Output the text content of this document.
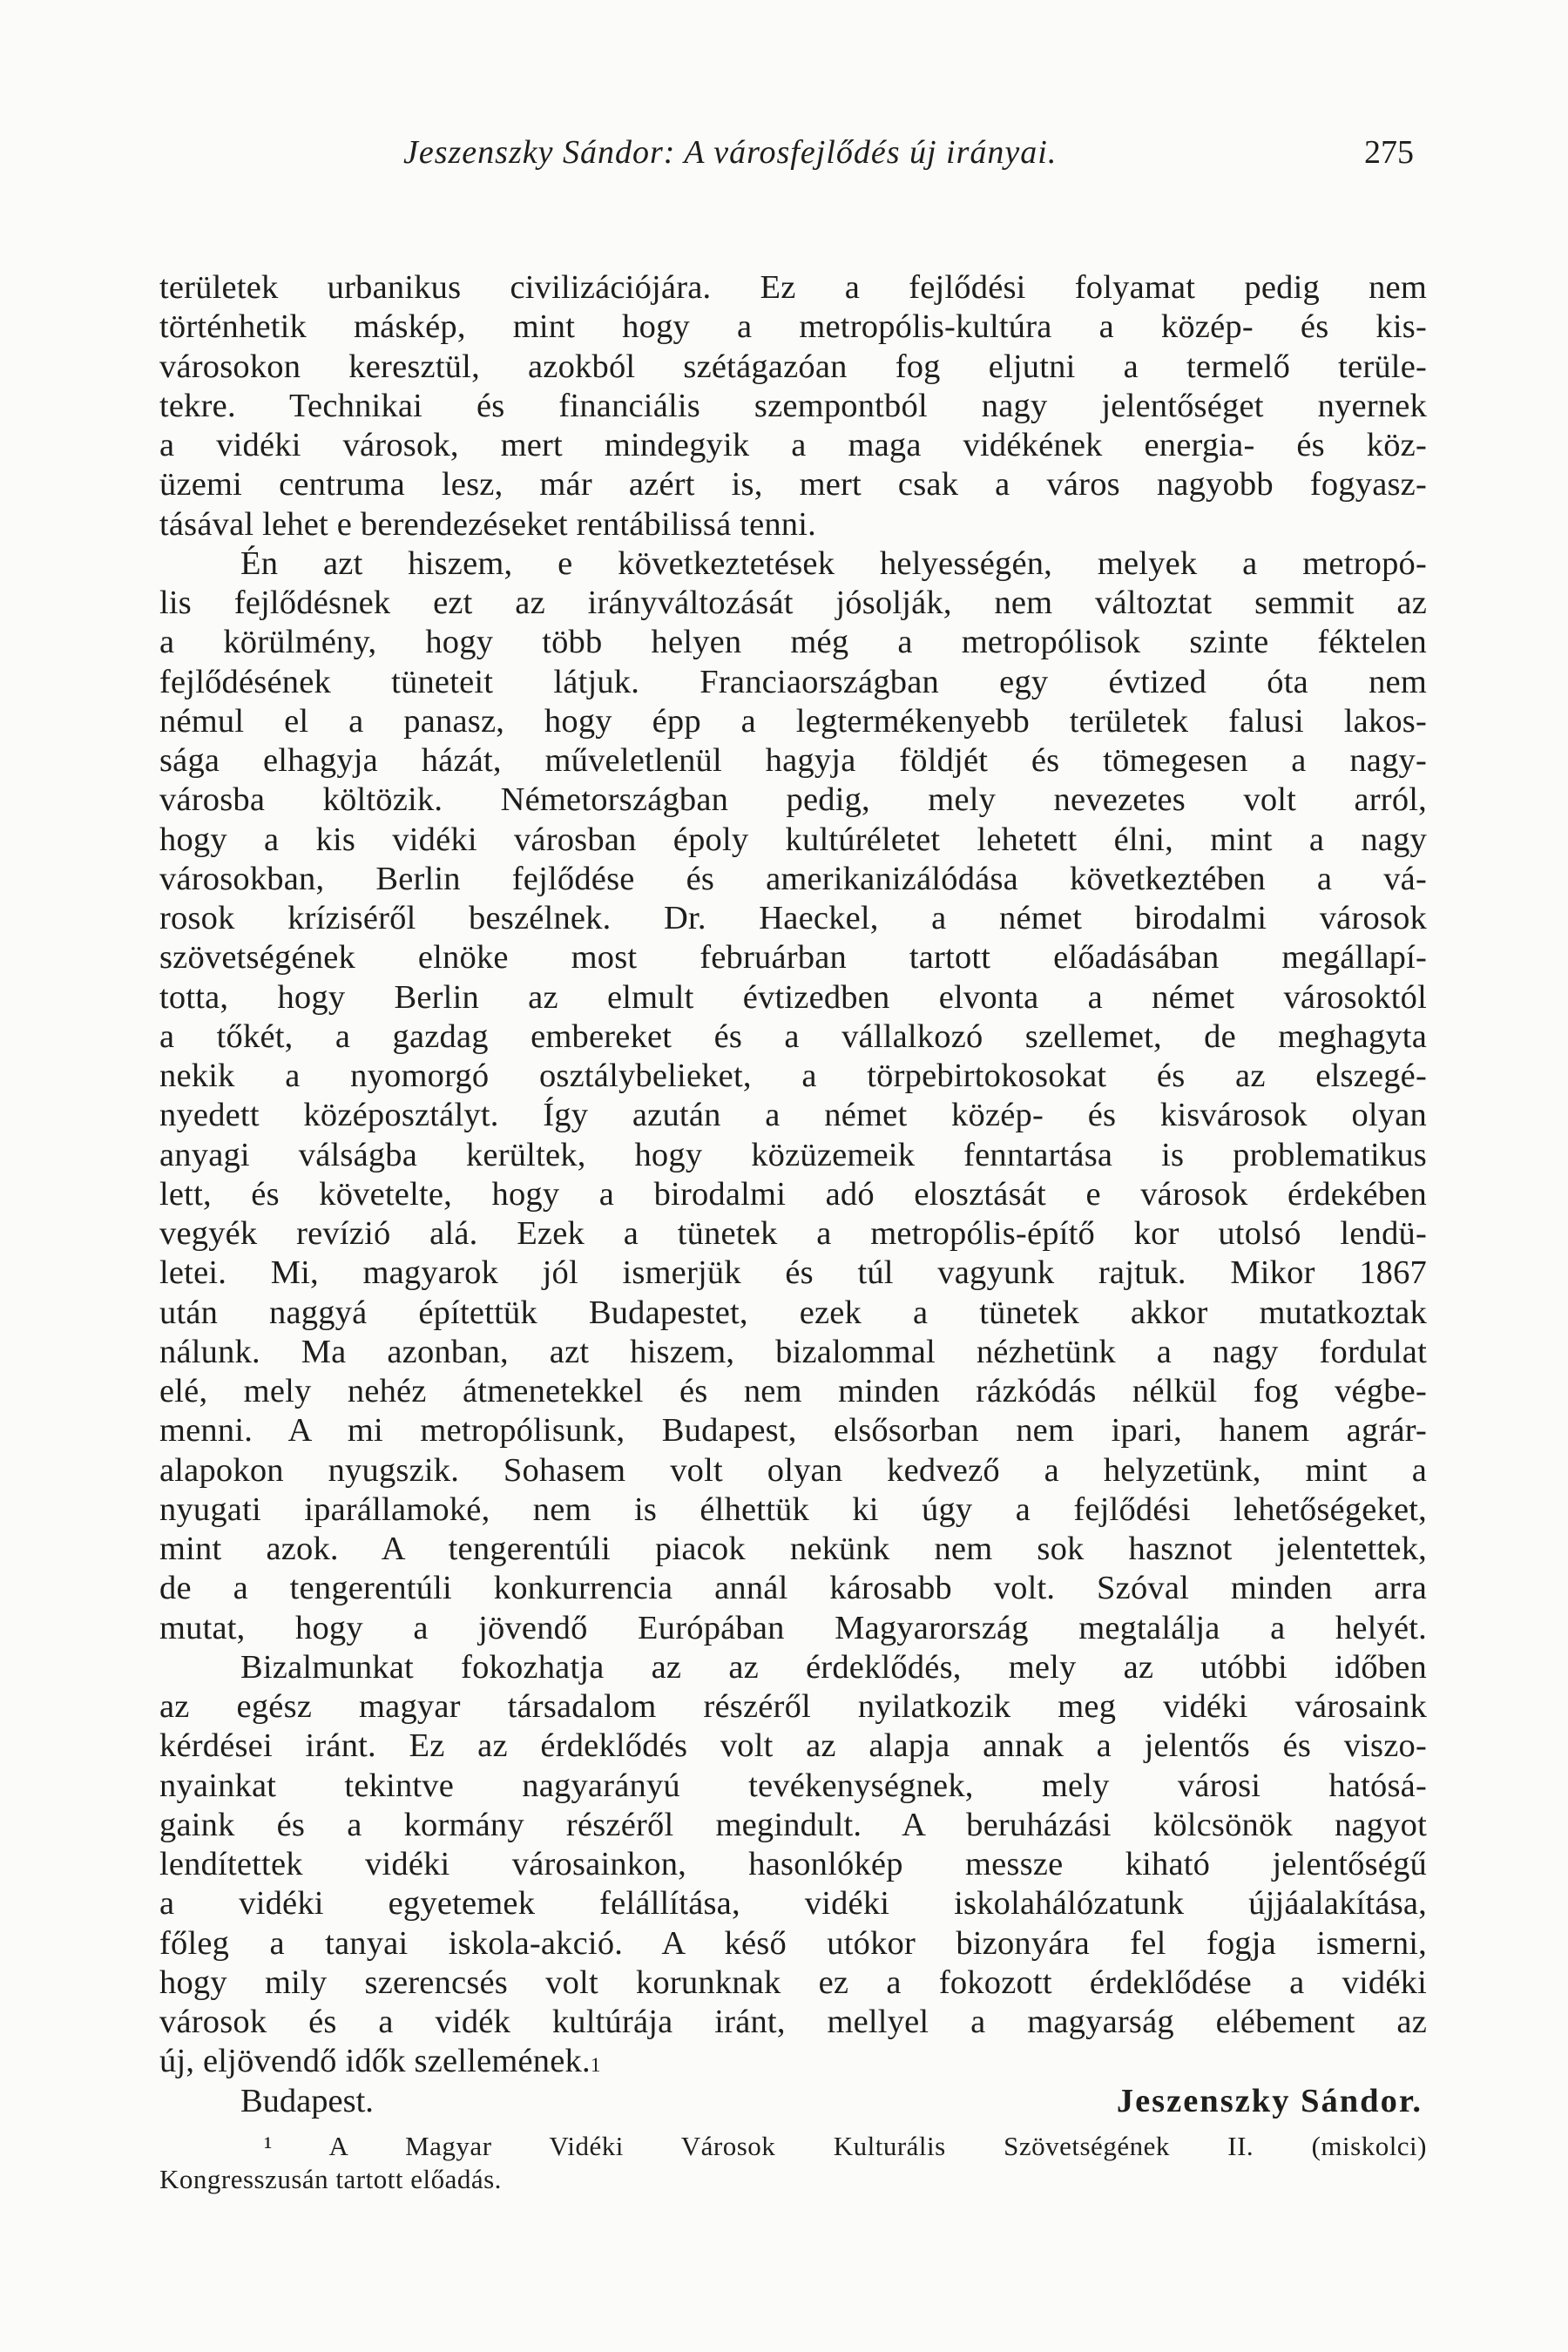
Jeszenszky Sándor: A városfejlődés új irányai.	275
területek urbanikus civilizációjára. Ez a fejlődési folyamat pedig nem
történhetik máskép, mint hogy a metropólis-kultúra a közép- és kis-
városokon keresztül, azokból szétágazóan fog eljutni a termelő terüle-
tekre. Technikai és financiális szempontból nagy jelentőséget nyernek
a vidéki városok, mert mindegyik a maga vidékének energia- és köz-
üzemi centruma lesz, már azért is, mert csak a város nagyobb fogyasz-
tásával lehet e berendezéseket rentábilissá tenni.
Én azt hiszem, e következtetések helyességén, melyek a metropó-
lis fejlődésnek ezt az irányváltozását jósolják, nem változtat semmit az
a körülmény, hogy több helyen még a metropólisok szinte féktelen
fejlődésének tüneteit látjuk. Franciaországban egy évtized óta nem
némul el a panasz, hogy épp a legtermékenyebb területek falusi lakos-
sága elhagyja házát, műveletlenül hagyja földjét és tömegesen a nagy-
városba költözik. Németországban pedig, mely nevezetes volt arról,
hogy a kis vidéki városban époly kultúréletet lehetett élni, mint a nagy
városokban, Berlin fejlődése és amerikanizálódása következtében a vá-
rosok kríziséről beszélnek. Dr. Haeckel, a német birodalmi városok
szövetségének elnöke most februárban tartott előadásában megállapí-
totta, hogy Berlin az elmult évtizedben elvonta a német városoktól
a tőkét, a gazdag embereket és a vállalkozó szellemet, de meghagyta
nekik a nyomorgó osztálybelieket, a törpebirtokosokat és az elszegé-
nyedett középosztályt. Így azután a német közép- és kisvárosok olyan
anyagi válságba kerültek, hogy közüzemeik fenntartása is problematikus
lett, és követelte, hogy a birodalmi adó elosztását e városok érdekében
vegyék revízió alá. Ezek a tünetek a metropólis-építő kor utolsó lendü-
letei. Mi, magyarok jól ismerjük és túl vagyunk rajtuk. Mikor 1867
után naggyá építettük Budapestet, ezek a tünetek akkor mutatkoztak
nálunk. Ma azonban, azt hiszem, bizalommal nézhetünk a nagy fordulat
elé, mely nehéz átmenetekkel és nem minden rázkódás nélkül fog végbe-
menni. A mi metropólisunk, Budapest, elsősorban nem ipari, hanem agrár-
alapokon nyugszik. Sohasem volt olyan kedvező a helyzetünk, mint a
nyugati iparállamoké, nem is élhettük ki úgy a fejlődési lehetőségeket,
mint azok. A tengerentúli piacok nekünk nem sok hasznot jelentettek,
de a tengerentúli konkurrencia annál károsabb volt. Szóval minden arra
mutat, hogy a jövendő Európában Magyarország megtalálja a helyét.
Bizalmunkat fokozhatja az az érdeklődés, mely az utóbbi időben
az egész magyar társadalom részéről nyilatkozik meg vidéki városaink
kérdései iránt. Ez az érdeklődés volt az alapja annak a jelentős és viszo-
nyainkat tekintve nagyarányú tevékenységnek, mely városi hatósá-
gaink és a kormány részéről megindult. A beruházási kölcsönök nagyot
lendítettek vidéki városainkon, hasonlókép messze kiható jelentőségű
a vidéki egyetemek felállítása, vidéki iskolahálózatunk újjáalakítása,
főleg a tanyai iskola-akció. A késő utókor bizonyára fel fogja ismerni,
hogy mily szerencsés volt korunknak ez a fokozott érdeklődése a vidéki
városok és a vidék kultúrája iránt, mellyel a magyarság elébement az
új, eljövendő idők szellemének.$^1$
Budapest.	Jeszenszky Sándor.
¹ A Magyar Vidéki Városok Kulturális Szövetségének II. (miskolci)
Kongresszusán tartott előadás.
